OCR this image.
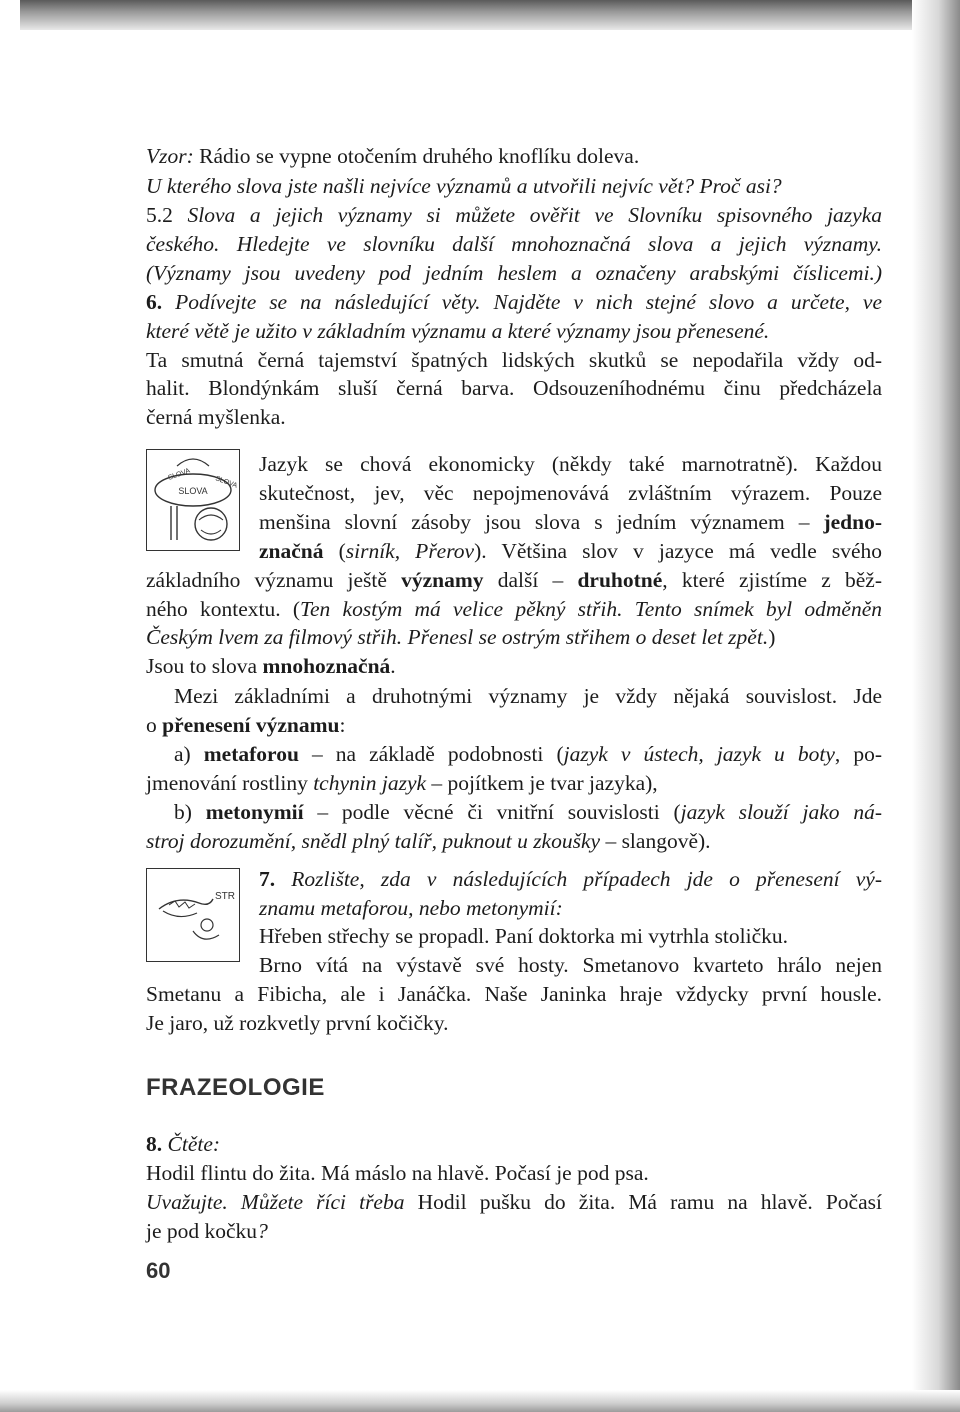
Vzor: Rádio se vypne otočením druhého knoflíku doleva.
U kterého slova jste našli nejvíce významů a utvořili nejvíc vět? Proč asi?
5.2 Slova a jejich významy si můžete ověřit ve Slovníku spisovného jazyka
českého. Hledejte ve slovníku další mnohoznačná slova a jejich významy.
(Významy jsou uvedeny pod jedním heslem a označeny arabskými číslicemi.)
6. Podívejte se na následující věty. Najděte v nich stejné slovo a určete, ve
které větě je užito v základním významu a které významy jsou přenesené.
Ta smutná černá tajemství špatných lidských skutků se nepodařila vždy od-
halit. Blondýnkám sluší černá barva. Odsouzeníhodnému činu předcházela
černá myšlenka.
SLOVA
SLOVA
SLOVA
Jazyk se chová ekonomicky (někdy také marnotratně). Každou
skutečnost, jev, věc nepojmenovává zvláštním výrazem. Pouze
menšina slovní zásoby jsou slova s jedním významem – jedno-
značná (sirník, Přerov). Většina slov v jazyce má vedle svého
základního významu ještě významy další – druhotné, které zjistíme z běž-
ného kontextu. (Ten kostým má velice pěkný střih. Tento snímek byl odměněn
Českým lvem za filmový střih. Přenesl se ostrým střihem o deset let zpět.)
Jsou to slova mnohoznačná.
Mezi základními a druhotnými významy je vždy nějaká souvislost. Jde
o přenesení významu:
a) metaforou – na základě podobnosti (jazyk v ústech, jazyk u boty, po-
jmenování rostliny tchynin jazyk – pojítkem je tvar jazyka),
b) metonymií – podle věcné či vnitřní souvislosti (jazyk slouží jako ná-
stroj dorozumění, snědl plný talíř, puknout u zkoušky – slangově).
STR
7. Rozlište, zda v následujících případech jde o přenesení vý-
znamu metaforou, nebo metonymií:
Hřeben střechy se propadl. Paní doktorka mi vytrhla stoličku.
Brno vítá na výstavě své hosty. Smetanovo kvarteto hrálo nejen
Smetanu a Fibicha, ale i Janáčka. Naše Janinka hraje vždycky první housle.
Je jaro, už rozkvetly první kočičky.
FRAZEOLOGIE
8. Čtěte:
Hodil flintu do žita. Má máslo na hlavě. Počasí je pod psa.
Uvažujte. Můžete říci třeba Hodil pušku do žita. Má ramu na hlavě. Počasí
je pod kočku?
60
